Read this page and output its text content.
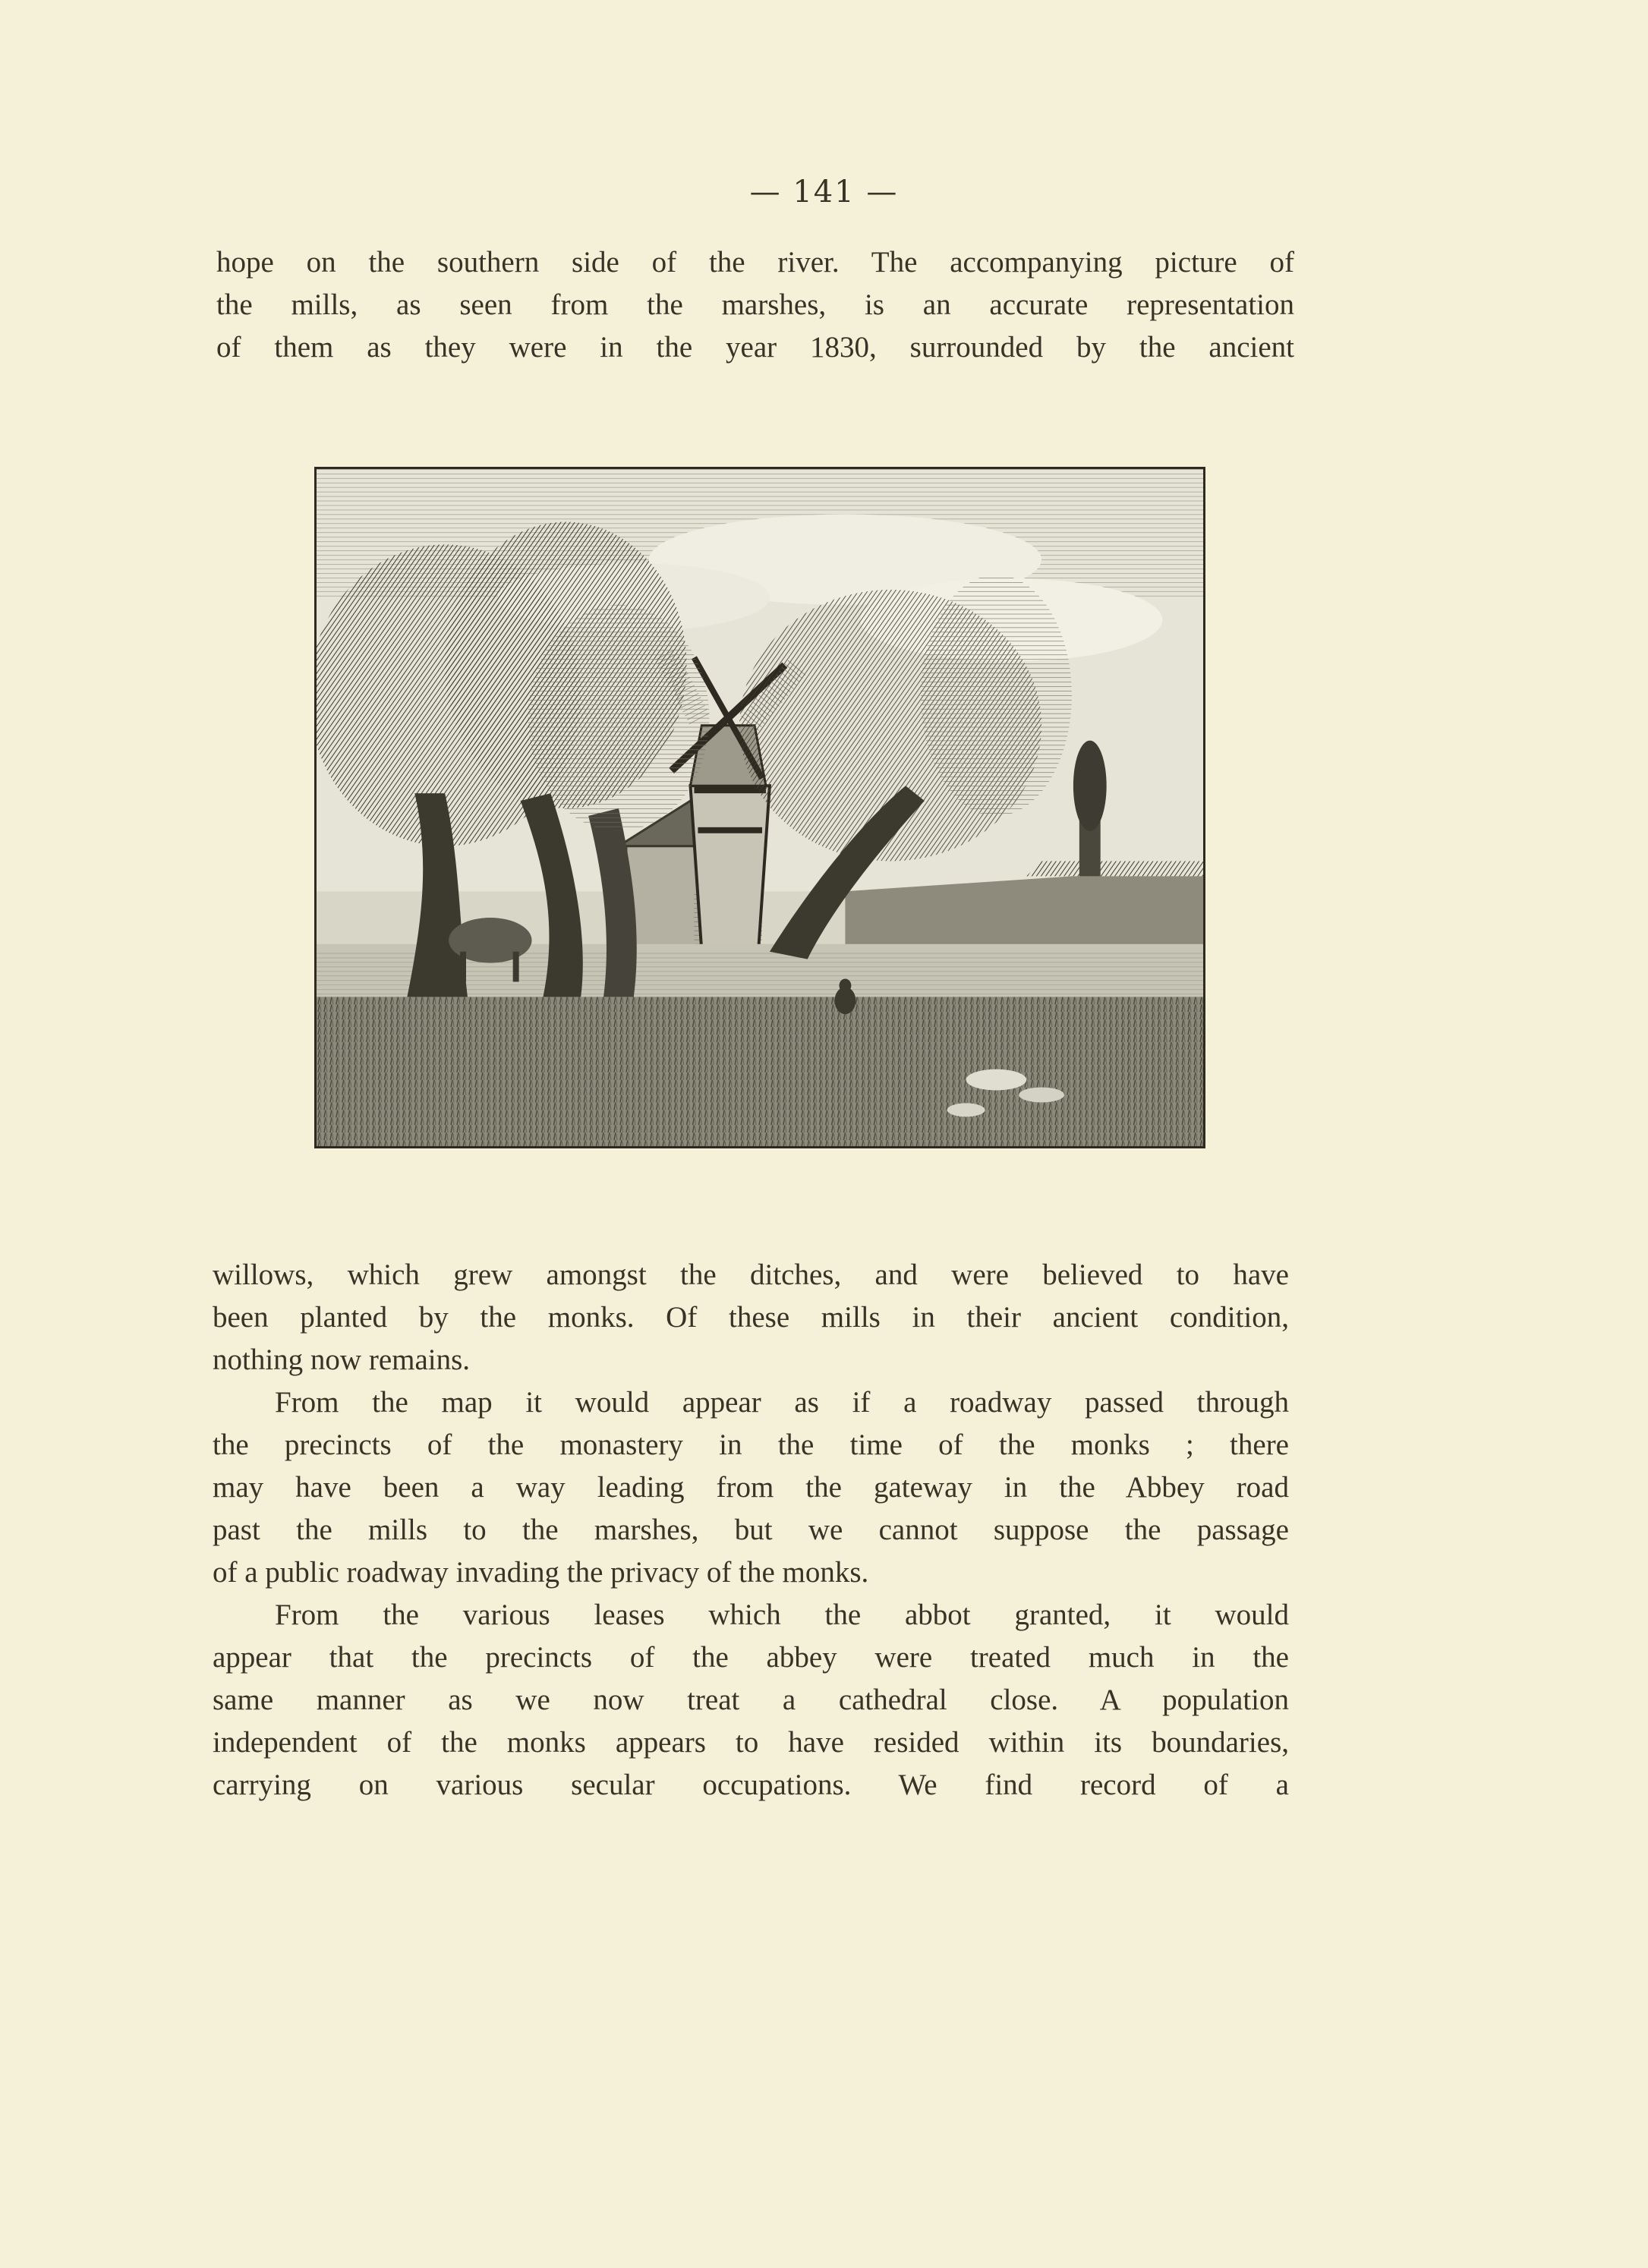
— 141 —
hope on the southern side of the river. The accompanying picture of
the mills, as seen from the marshes, is an accurate representation
of them as they were in the year 1830, surrounded by the ancient
willows, which grew amongst the ditches, and were believed to have
been planted by the monks. Of these mills in their ancient condition,
nothing now remains.
From the map it would appear as if a roadway passed through
the precincts of the monastery in the time of the monks ; there
may have been a way leading from the gateway in the Abbey road
past the mills to the marshes, but we cannot suppose the passage
of a public roadway invading the privacy of the monks.
From the various leases which the abbot granted, it would
appear that the precincts of the abbey were treated much in the
same manner as we now treat a cathedral close. A population
independent of the monks appears to have resided within its boundaries,
carrying on various secular occupations. We find record of a
